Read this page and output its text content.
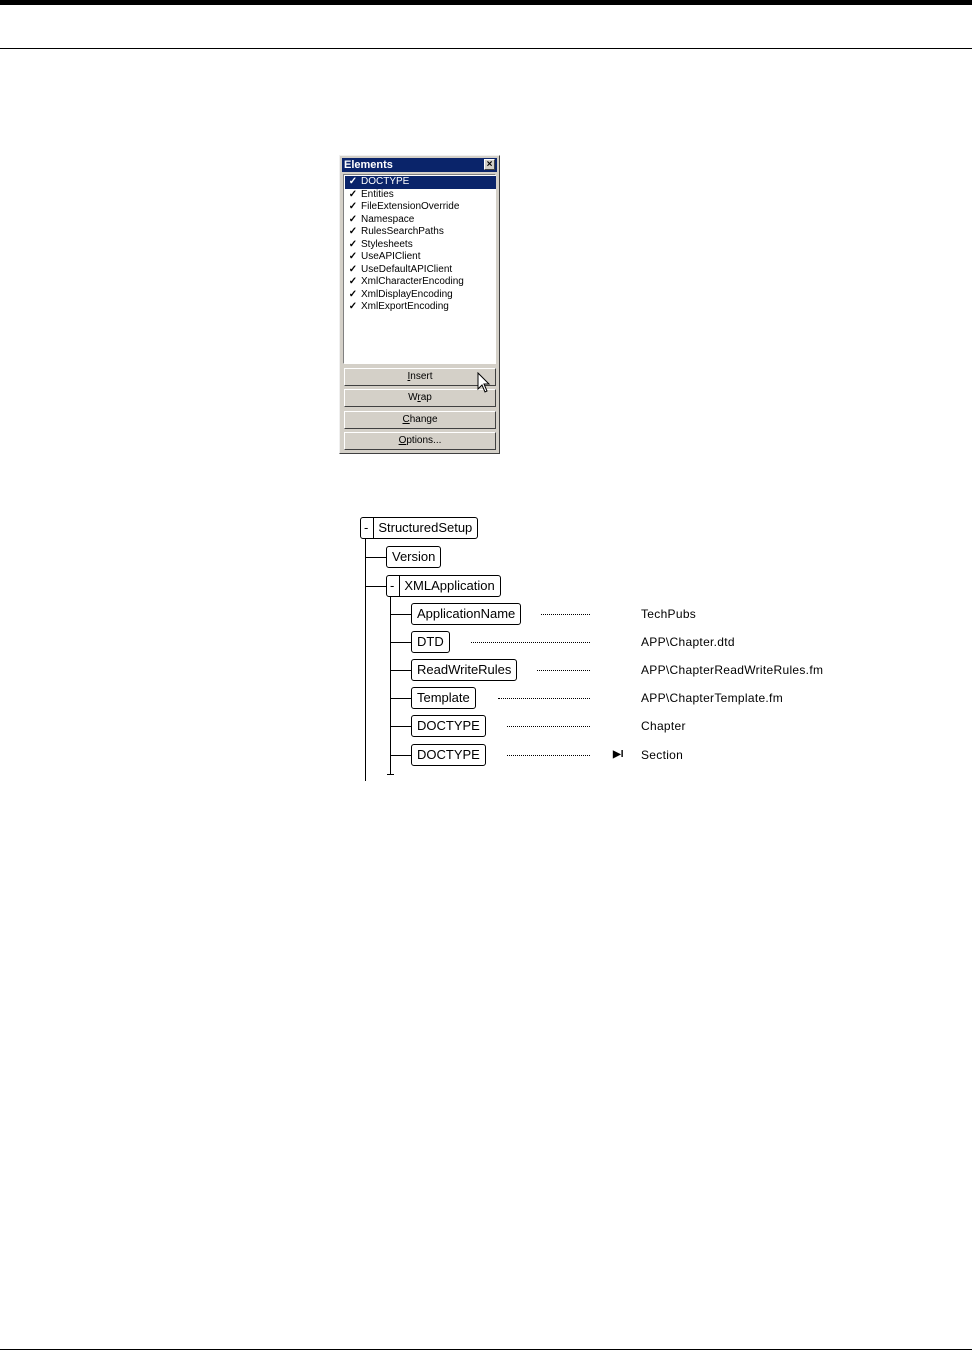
Elements	×
✓ DOCTYPE
✓ Entities
✓ FileExtensionOverride
✓ Namespace
✓ RulesSearchPaths
✓ Stylesheets
✓ UseAPIClient
✓ UseDefaultAPIClient
✓ XmlCharacterEncoding
✓ XmlDisplayEncoding
✓ XmlExportEncoding
Insert
Wrap
Change
Options...
- StructuredSetup
Version
- XMLApplication
ApplicationName	TechPubs
DTD	APP\Chapter.dtd
ReadWriteRules	APP\ChapterReadWriteRules.fm
Template	APP\ChapterTemplate.fm
DOCTYPE	Chapter
DOCTYPE	▶I Section
